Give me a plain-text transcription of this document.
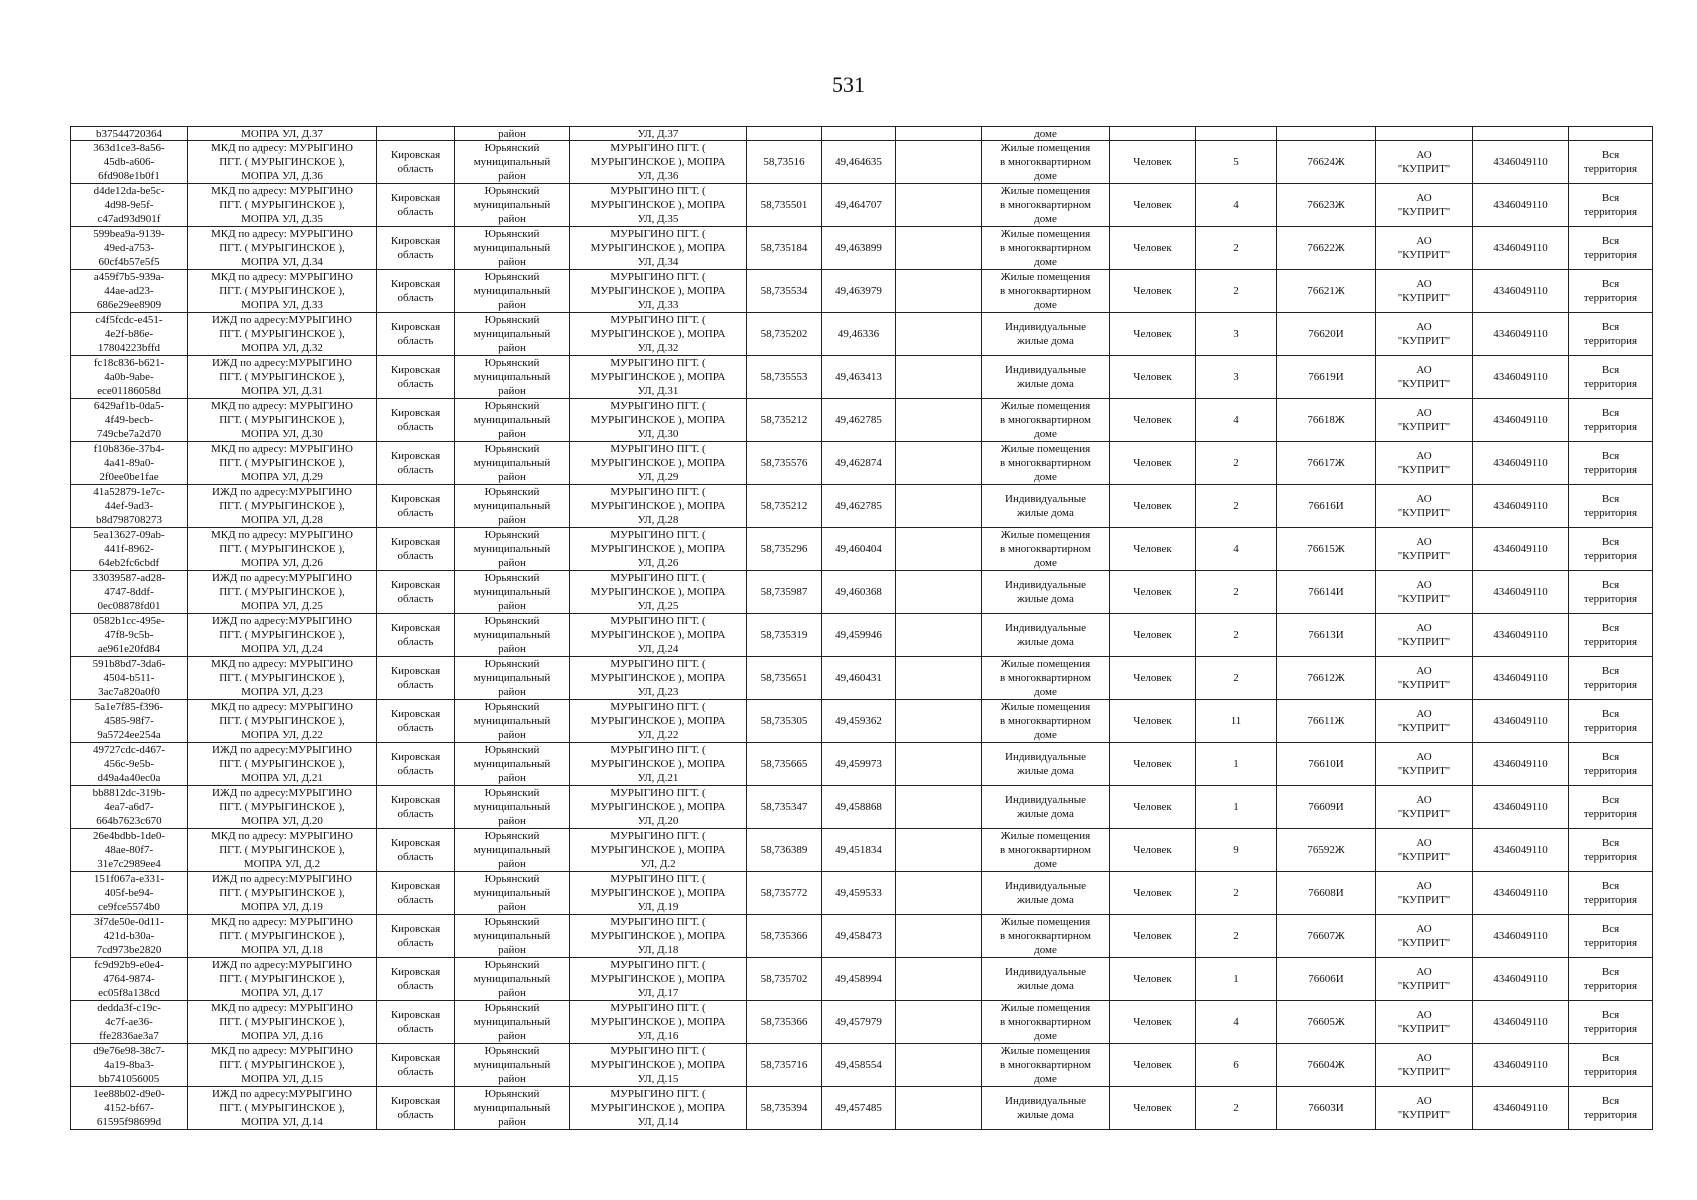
531
b37544720364	МОПРА УЛ, Д.37		район	УЛ, Д.37				доме						
363d1ce3-8a56-
45db-a606-
6fd908e1b0f1	МКД по адресу: МУРЫГИНО
ПГТ. ( МУРЫГИНСКОЕ ),
МОПРА УЛ, Д.36	Кировская
область	Юрьянский
муниципальный
район	МУРЫГИНО ПГТ. (
МУРЫГИНСКОЕ ), МОПРА
УЛ, Д.36	58,73516	49,464635		Жилые помещения
в многоквартирном
доме	Человек	5	76624Ж	АО
"КУПРИТ"	4346049110	Вся
территория
d4de12da-be5c-
4d98-9e5f-
c47ad93d901f	МКД по адресу: МУРЫГИНО
ПГТ. ( МУРЫГИНСКОЕ ),
МОПРА УЛ, Д.35	Кировская
область	Юрьянский
муниципальный
район	МУРЫГИНО ПГТ. (
МУРЫГИНСКОЕ ), МОПРА
УЛ, Д.35	58,735501	49,464707		Жилые помещения
в многоквартирном
доме	Человек	4	76623Ж	АО
"КУПРИТ"	4346049110	Вся
территория
599bea9a-9139-
49ed-a753-
60cf4b57e5f5	МКД по адресу: МУРЫГИНО
ПГТ. ( МУРЫГИНСКОЕ ),
МОПРА УЛ, Д.34	Кировская
область	Юрьянский
муниципальный
район	МУРЫГИНО ПГТ. (
МУРЫГИНСКОЕ ), МОПРА
УЛ, Д.34	58,735184	49,463899		Жилые помещения
в многоквартирном
доме	Человек	2	76622Ж	АО
"КУПРИТ"	4346049110	Вся
территория
a459f7b5-939a-
44ae-ad23-
686e29ee8909	МКД по адресу: МУРЫГИНО
ПГТ. ( МУРЫГИНСКОЕ ),
МОПРА УЛ, Д.33	Кировская
область	Юрьянский
муниципальный
район	МУРЫГИНО ПГТ. (
МУРЫГИНСКОЕ ), МОПРА
УЛ, Д.33	58,735534	49,463979		Жилые помещения
в многоквартирном
доме	Человек	2	76621Ж	АО
"КУПРИТ"	4346049110	Вся
территория
c4f5fcdc-e451-
4e2f-b86e-
17804223bffd	ИЖД по адресу:МУРЫГИНО
ПГТ. ( МУРЫГИНСКОЕ ),
МОПРА УЛ, Д.32	Кировская
область	Юрьянский
муниципальный
район	МУРЫГИНО ПГТ. (
МУРЫГИНСКОЕ ), МОПРА
УЛ, Д.32	58,735202	49,46336		Индивидуальные
жилые дома	Человек	3	76620И	АО
"КУПРИТ"	4346049110	Вся
территория
fc18c836-b621-
4a0b-9abe-
ece01186058d	ИЖД по адресу:МУРЫГИНО
ПГТ. ( МУРЫГИНСКОЕ ),
МОПРА УЛ, Д.31	Кировская
область	Юрьянский
муниципальный
район	МУРЫГИНО ПГТ. (
МУРЫГИНСКОЕ ), МОПРА
УЛ, Д.31	58,735553	49,463413		Индивидуальные
жилые дома	Человек	3	76619И	АО
"КУПРИТ"	4346049110	Вся
территория
6429af1b-0da5-
4f49-becb-
749cbe7a2d70	МКД по адресу: МУРЫГИНО
ПГТ. ( МУРЫГИНСКОЕ ),
МОПРА УЛ, Д.30	Кировская
область	Юрьянский
муниципальный
район	МУРЫГИНО ПГТ. (
МУРЫГИНСКОЕ ), МОПРА
УЛ, Д.30	58,735212	49,462785		Жилые помещения
в многоквартирном
доме	Человек	4	76618Ж	АО
"КУПРИТ"	4346049110	Вся
территория
f10b836e-37b4-
4a41-89a0-
2f0ee0be1fae	МКД по адресу: МУРЫГИНО
ПГТ. ( МУРЫГИНСКОЕ ),
МОПРА УЛ, Д.29	Кировская
область	Юрьянский
муниципальный
район	МУРЫГИНО ПГТ. (
МУРЫГИНСКОЕ ), МОПРА
УЛ, Д.29	58,735576	49,462874		Жилые помещения
в многоквартирном
доме	Человек	2	76617Ж	АО
"КУПРИТ"	4346049110	Вся
территория
41a52879-1e7c-
44ef-9ad3-
b8d798708273	ИЖД по адресу:МУРЫГИНО
ПГТ. ( МУРЫГИНСКОЕ ),
МОПРА УЛ, Д.28	Кировская
область	Юрьянский
муниципальный
район	МУРЫГИНО ПГТ. (
МУРЫГИНСКОЕ ), МОПРА
УЛ, Д.28	58,735212	49,462785		Индивидуальные
жилые дома	Человек	2	76616И	АО
"КУПРИТ"	4346049110	Вся
территория
5ea13627-09ab-
441f-8962-
64eb2fc6cbdf	МКД по адресу: МУРЫГИНО
ПГТ. ( МУРЫГИНСКОЕ ),
МОПРА УЛ, Д.26	Кировская
область	Юрьянский
муниципальный
район	МУРЫГИНО ПГТ. (
МУРЫГИНСКОЕ ), МОПРА
УЛ, Д.26	58,735296	49,460404		Жилые помещения
в многоквартирном
доме	Человек	4	76615Ж	АО
"КУПРИТ"	4346049110	Вся
территория
33039587-ad28-
4747-8ddf-
0ec08878fd01	ИЖД по адресу:МУРЫГИНО
ПГТ. ( МУРЫГИНСКОЕ ),
МОПРА УЛ, Д.25	Кировская
область	Юрьянский
муниципальный
район	МУРЫГИНО ПГТ. (
МУРЫГИНСКОЕ ), МОПРА
УЛ, Д.25	58,735987	49,460368		Индивидуальные
жилые дома	Человек	2	76614И	АО
"КУПРИТ"	4346049110	Вся
территория
0582b1cc-495e-
47f8-9c5b-
ae961e20fd84	ИЖД по адресу:МУРЫГИНО
ПГТ. ( МУРЫГИНСКОЕ ),
МОПРА УЛ, Д.24	Кировская
область	Юрьянский
муниципальный
район	МУРЫГИНО ПГТ. (
МУРЫГИНСКОЕ ), МОПРА
УЛ, Д.24	58,735319	49,459946		Индивидуальные
жилые дома	Человек	2	76613И	АО
"КУПРИТ"	4346049110	Вся
территория
591b8bd7-3da6-
4504-b511-
3ac7a820a0f0	МКД по адресу: МУРЫГИНО
ПГТ. ( МУРЫГИНСКОЕ ),
МОПРА УЛ, Д.23	Кировская
область	Юрьянский
муниципальный
район	МУРЫГИНО ПГТ. (
МУРЫГИНСКОЕ ), МОПРА
УЛ, Д.23	58,735651	49,460431		Жилые помещения
в многоквартирном
доме	Человек	2	76612Ж	АО
"КУПРИТ"	4346049110	Вся
территория
5a1e7f85-f396-
4585-98f7-
9a5724ee254a	МКД по адресу: МУРЫГИНО
ПГТ. ( МУРЫГИНСКОЕ ),
МОПРА УЛ, Д.22	Кировская
область	Юрьянский
муниципальный
район	МУРЫГИНО ПГТ. (
МУРЫГИНСКОЕ ), МОПРА
УЛ, Д.22	58,735305	49,459362		Жилые помещения
в многоквартирном
доме	Человек	11	76611Ж	АО
"КУПРИТ"	4346049110	Вся
территория
49727cdc-d467-
456c-9e5b-
d49a4a40ec0a	ИЖД по адресу:МУРЫГИНО
ПГТ. ( МУРЫГИНСКОЕ ),
МОПРА УЛ, Д.21	Кировская
область	Юрьянский
муниципальный
район	МУРЫГИНО ПГТ. (
МУРЫГИНСКОЕ ), МОПРА
УЛ, Д.21	58,735665	49,459973		Индивидуальные
жилые дома	Человек	1	76610И	АО
"КУПРИТ"	4346049110	Вся
территория
bb8812dc-319b-
4ea7-a6d7-
664b7623c670	ИЖД по адресу:МУРЫГИНО
ПГТ. ( МУРЫГИНСКОЕ ),
МОПРА УЛ, Д.20	Кировская
область	Юрьянский
муниципальный
район	МУРЫГИНО ПГТ. (
МУРЫГИНСКОЕ ), МОПРА
УЛ, Д.20	58,735347	49,458868		Индивидуальные
жилые дома	Человек	1	76609И	АО
"КУПРИТ"	4346049110	Вся
территория
26e4bdbb-1de0-
48ae-80f7-
31e7c2989ee4	МКД по адресу: МУРЫГИНО
ПГТ. ( МУРЫГИНСКОЕ ),
МОПРА УЛ, Д.2	Кировская
область	Юрьянский
муниципальный
район	МУРЫГИНО ПГТ. (
МУРЫГИНСКОЕ ), МОПРА
УЛ, Д.2	58,736389	49,451834		Жилые помещения
в многоквартирном
доме	Человек	9	76592Ж	АО
"КУПРИТ"	4346049110	Вся
территория
151f067a-e331-
405f-be94-
ce9fce5574b0	ИЖД по адресу:МУРЫГИНО
ПГТ. ( МУРЫГИНСКОЕ ),
МОПРА УЛ, Д.19	Кировская
область	Юрьянский
муниципальный
район	МУРЫГИНО ПГТ. (
МУРЫГИНСКОЕ ), МОПРА
УЛ, Д.19	58,735772	49,459533		Индивидуальные
жилые дома	Человек	2	76608И	АО
"КУПРИТ"	4346049110	Вся
территория
3f7de50e-0d11-
421d-b30a-
7cd973be2820	МКД по адресу: МУРЫГИНО
ПГТ. ( МУРЫГИНСКОЕ ),
МОПРА УЛ, Д.18	Кировская
область	Юрьянский
муниципальный
район	МУРЫГИНО ПГТ. (
МУРЫГИНСКОЕ ), МОПРА
УЛ, Д.18	58,735366	49,458473		Жилые помещения
в многоквартирном
доме	Человек	2	76607Ж	АО
"КУПРИТ"	4346049110	Вся
территория
fc9d92b9-e0e4-
4764-9874-
ec05f8a138cd	ИЖД по адресу:МУРЫГИНО
ПГТ. ( МУРЫГИНСКОЕ ),
МОПРА УЛ, Д.17	Кировская
область	Юрьянский
муниципальный
район	МУРЫГИНО ПГТ. (
МУРЫГИНСКОЕ ), МОПРА
УЛ, Д.17	58,735702	49,458994		Индивидуальные
жилые дома	Человек	1	76606И	АО
"КУПРИТ"	4346049110	Вся
территория
dedda3f-c19c-
4c7f-ae36-
ffe2836ae3a7	МКД по адресу: МУРЫГИНО
ПГТ. ( МУРЫГИНСКОЕ ),
МОПРА УЛ, Д.16	Кировская
область	Юрьянский
муниципальный
район	МУРЫГИНО ПГТ. (
МУРЫГИНСКОЕ ), МОПРА
УЛ, Д.16	58,735366	49,457979		Жилые помещения
в многоквартирном
доме	Человек	4	76605Ж	АО
"КУПРИТ"	4346049110	Вся
территория
d9e76e98-38c7-
4a19-8ba3-
bb741056005	МКД по адресу: МУРЫГИНО
ПГТ. ( МУРЫГИНСКОЕ ),
МОПРА УЛ, Д.15	Кировская
область	Юрьянский
муниципальный
район	МУРЫГИНО ПГТ. (
МУРЫГИНСКОЕ ), МОПРА
УЛ, Д.15	58,735716	49,458554		Жилые помещения
в многоквартирном
доме	Человек	6	76604Ж	АО
"КУПРИТ"	4346049110	Вся
территория
1ee88b02-d9e0-
4152-bf67-
61595f98699d	ИЖД по адресу:МУРЫГИНО
ПГТ. ( МУРЫГИНСКОЕ ),
МОПРА УЛ, Д.14	Кировская
область	Юрьянский
муниципальный
район	МУРЫГИНО ПГТ. (
МУРЫГИНСКОЕ ), МОПРА
УЛ, Д.14	58,735394	49,457485		Индивидуальные
жилые дома	Человек	2	76603И	АО
"КУПРИТ"	4346049110	Вся
территория
